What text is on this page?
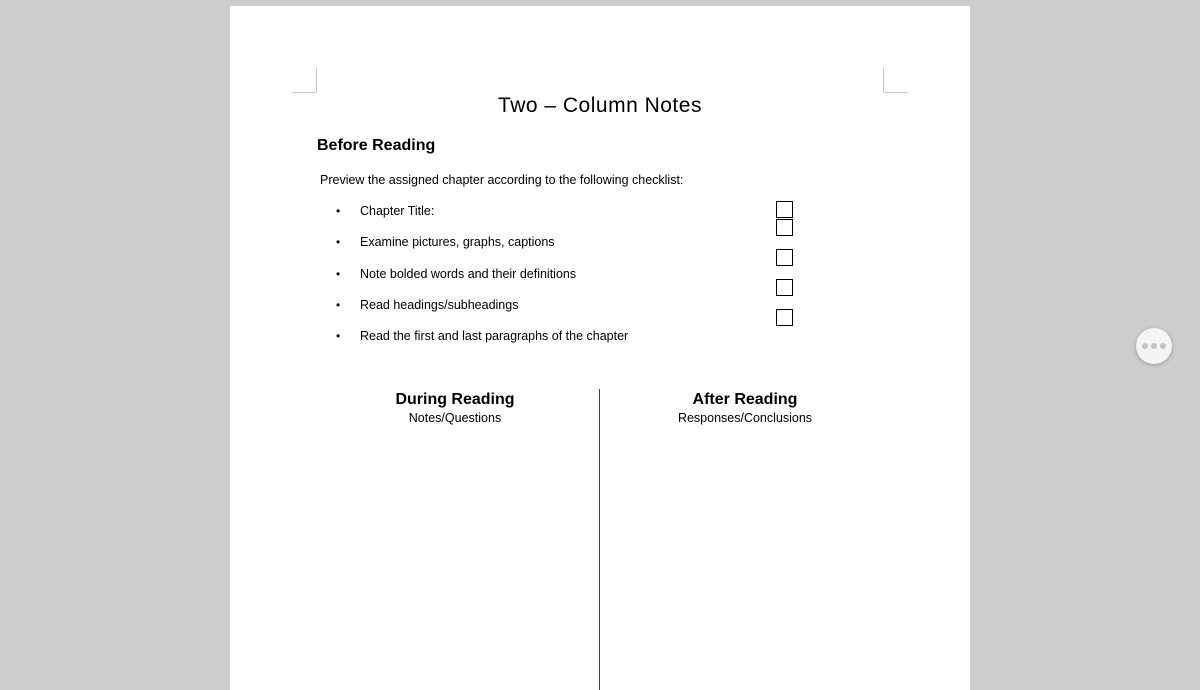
Two – Column Notes
Before Reading
Preview the assigned chapter according to the following checklist:
• Chapter Title:
• Examine pictures, graphs, captions
• Note bolded words and their definitions
• Read headings/subheadings
• Read the first and last paragraphs of the chapter
During Reading
Notes/Questions
After Reading
Responses/Conclusions
